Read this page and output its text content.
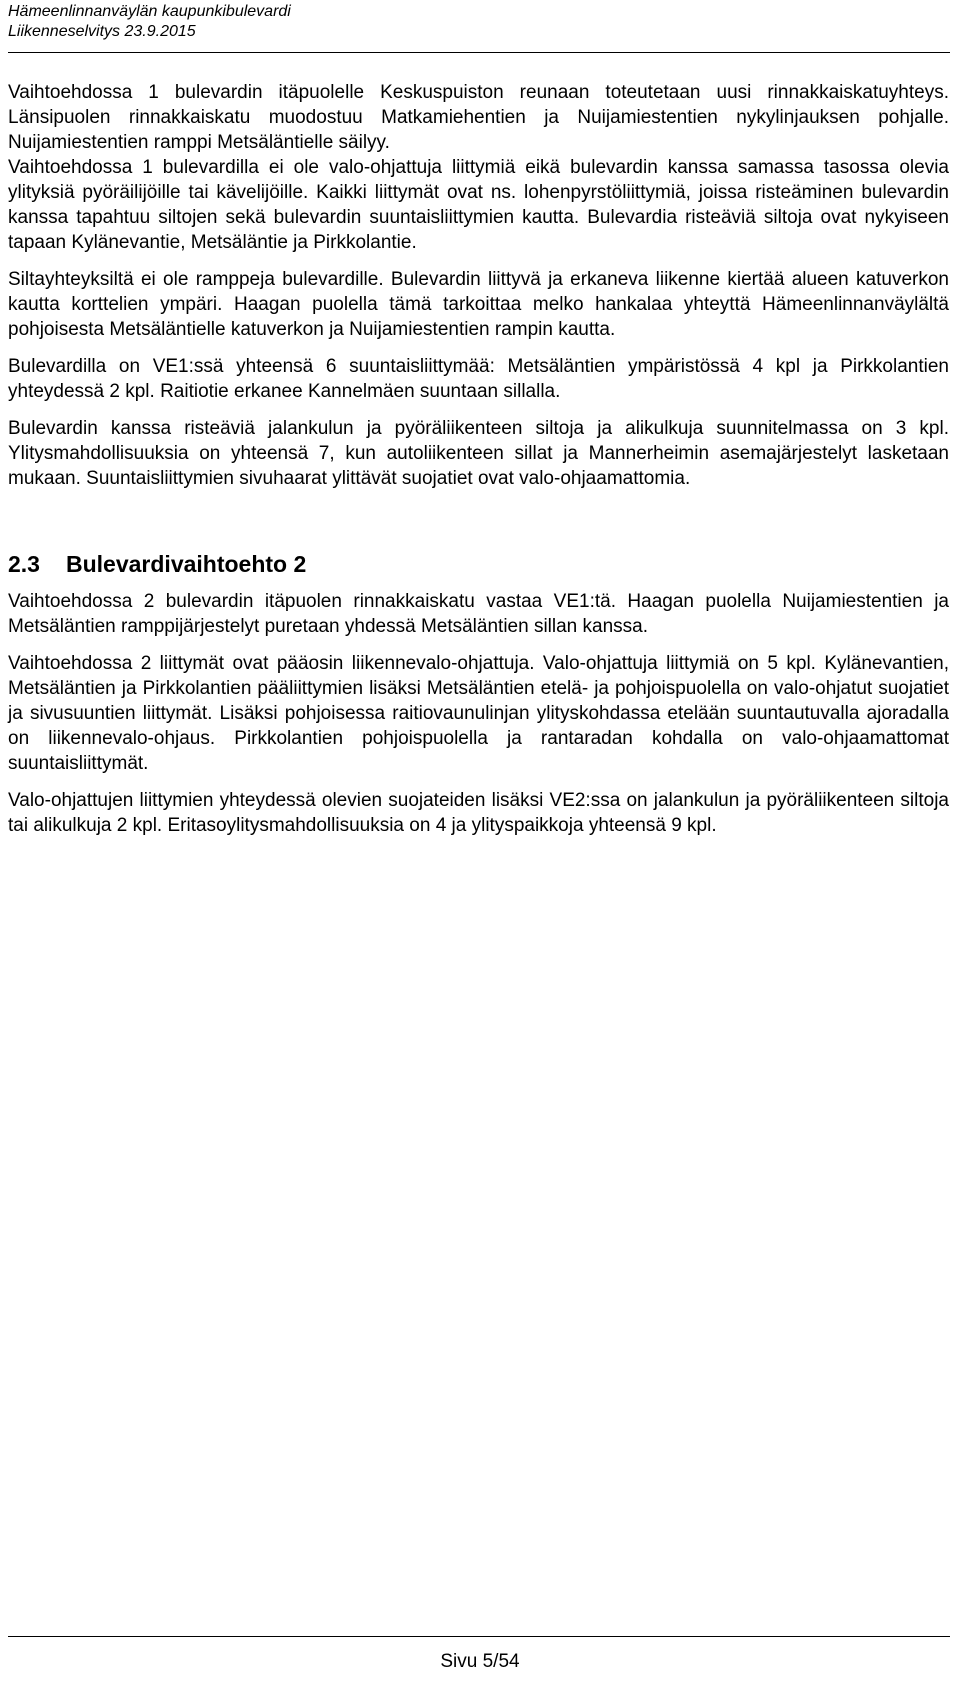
Hämeenlinnanväylän kaupunkibulevardi
Liikenneselvitys 23.9.2015

Vaihtoehdossa 1 bulevardin itäpuolelle Keskuspuiston reunaan toteutetaan uusi rinnakkaiskatuyhteys. Länsipuolen rinnakkaiskatu muodostuu Matkamiehentien ja Nuijamiestentien nykylinjauksen pohjalle. Nuijamiestentien ramppi Metsäläntielle säilyy.

Vaihtoehdossa 1 bulevardilla ei ole valo-ohjattuja liittymiä eikä bulevardin kanssa samassa tasossa olevia ylityksiä pyöräilijöille tai kävelijöille. Kaikki liittymät ovat ns. lohenpyrstöliittymiä, joissa risteäminen bulevardin kanssa tapahtuu siltojen sekä bulevardin suuntaisliittymien kautta. Bulevardia risteäviä siltoja ovat nykyiseen tapaan Kylänevantie, Metsäläntie ja Pirkkolantie.

Siltayhteyksiltä ei ole ramppeja bulevardille. Bulevardin liittyvä ja erkaneva liikenne kiertää alueen katuverkon kautta korttelien ympäri. Haagan puolella tämä tarkoittaa melko hankalaa yhteyttä Hämeenlinnanväylältä pohjoisesta Metsäläntielle katuverkon ja Nuijamiestentien rampin kautta.

Bulevardilla on VE1:ssä yhteensä 6 suuntaisliittymää: Metsäläntien ympäristössä 4 kpl ja Pirkkolantien yhteydessä 2 kpl. Raitiotie erkanee Kannelmäen suuntaan sillalla.

Bulevardin kanssa risteäviä jalankulun ja pyöräliikenteen siltoja ja alikulkuja suunnitelmassa on 3 kpl. Ylitysmahdollisuuksia on yhteensä 7, kun autoliikenteen sillat ja Mannerheimin asemajärjestelyt lasketaan mukaan. Suuntaisliittymien sivuhaarat ylittävät suojatiet ovat valo-ohjaamattomia.

2.3 Bulevardivaihtoehto 2

Vaihtoehdossa 2 bulevardin itäpuolen rinnakkaiskatu vastaa VE1:tä. Haagan puolella Nuijamiestentien ja Metsäläntien ramppijärjestelyt puretaan yhdessä Metsäläntien sillan kanssa.

Vaihtoehdossa 2 liittymät ovat pääosin liikennevalo-ohjattuja. Valo-ohjattuja liittymiä on 5 kpl. Kylänevantien, Metsäläntien ja Pirkkolantien pääliittymien lisäksi Metsäläntien etelä- ja pohjoispuolella on valo-ohjatut suojatiet ja sivusuuntien liittymät. Lisäksi pohjoisessa raitiovaunulinjan ylityskohdassa etelään suuntautuvalla ajoradalla on liikennevalo-ohjaus. Pirkkolantien pohjoispuolella ja rantaradan kohdalla on valo-ohjaamattomat suuntaisliittymät.

Valo-ohjattujen liittymien yhteydessä olevien suojateiden lisäksi VE2:ssa on jalankulun ja pyöräliikenteen siltoja tai alikulkuja 2 kpl. Eritasoylitysmahdollisuuksia on 4 ja ylityspaikkoja yhteensä 9 kpl.

Sivu 5/54
